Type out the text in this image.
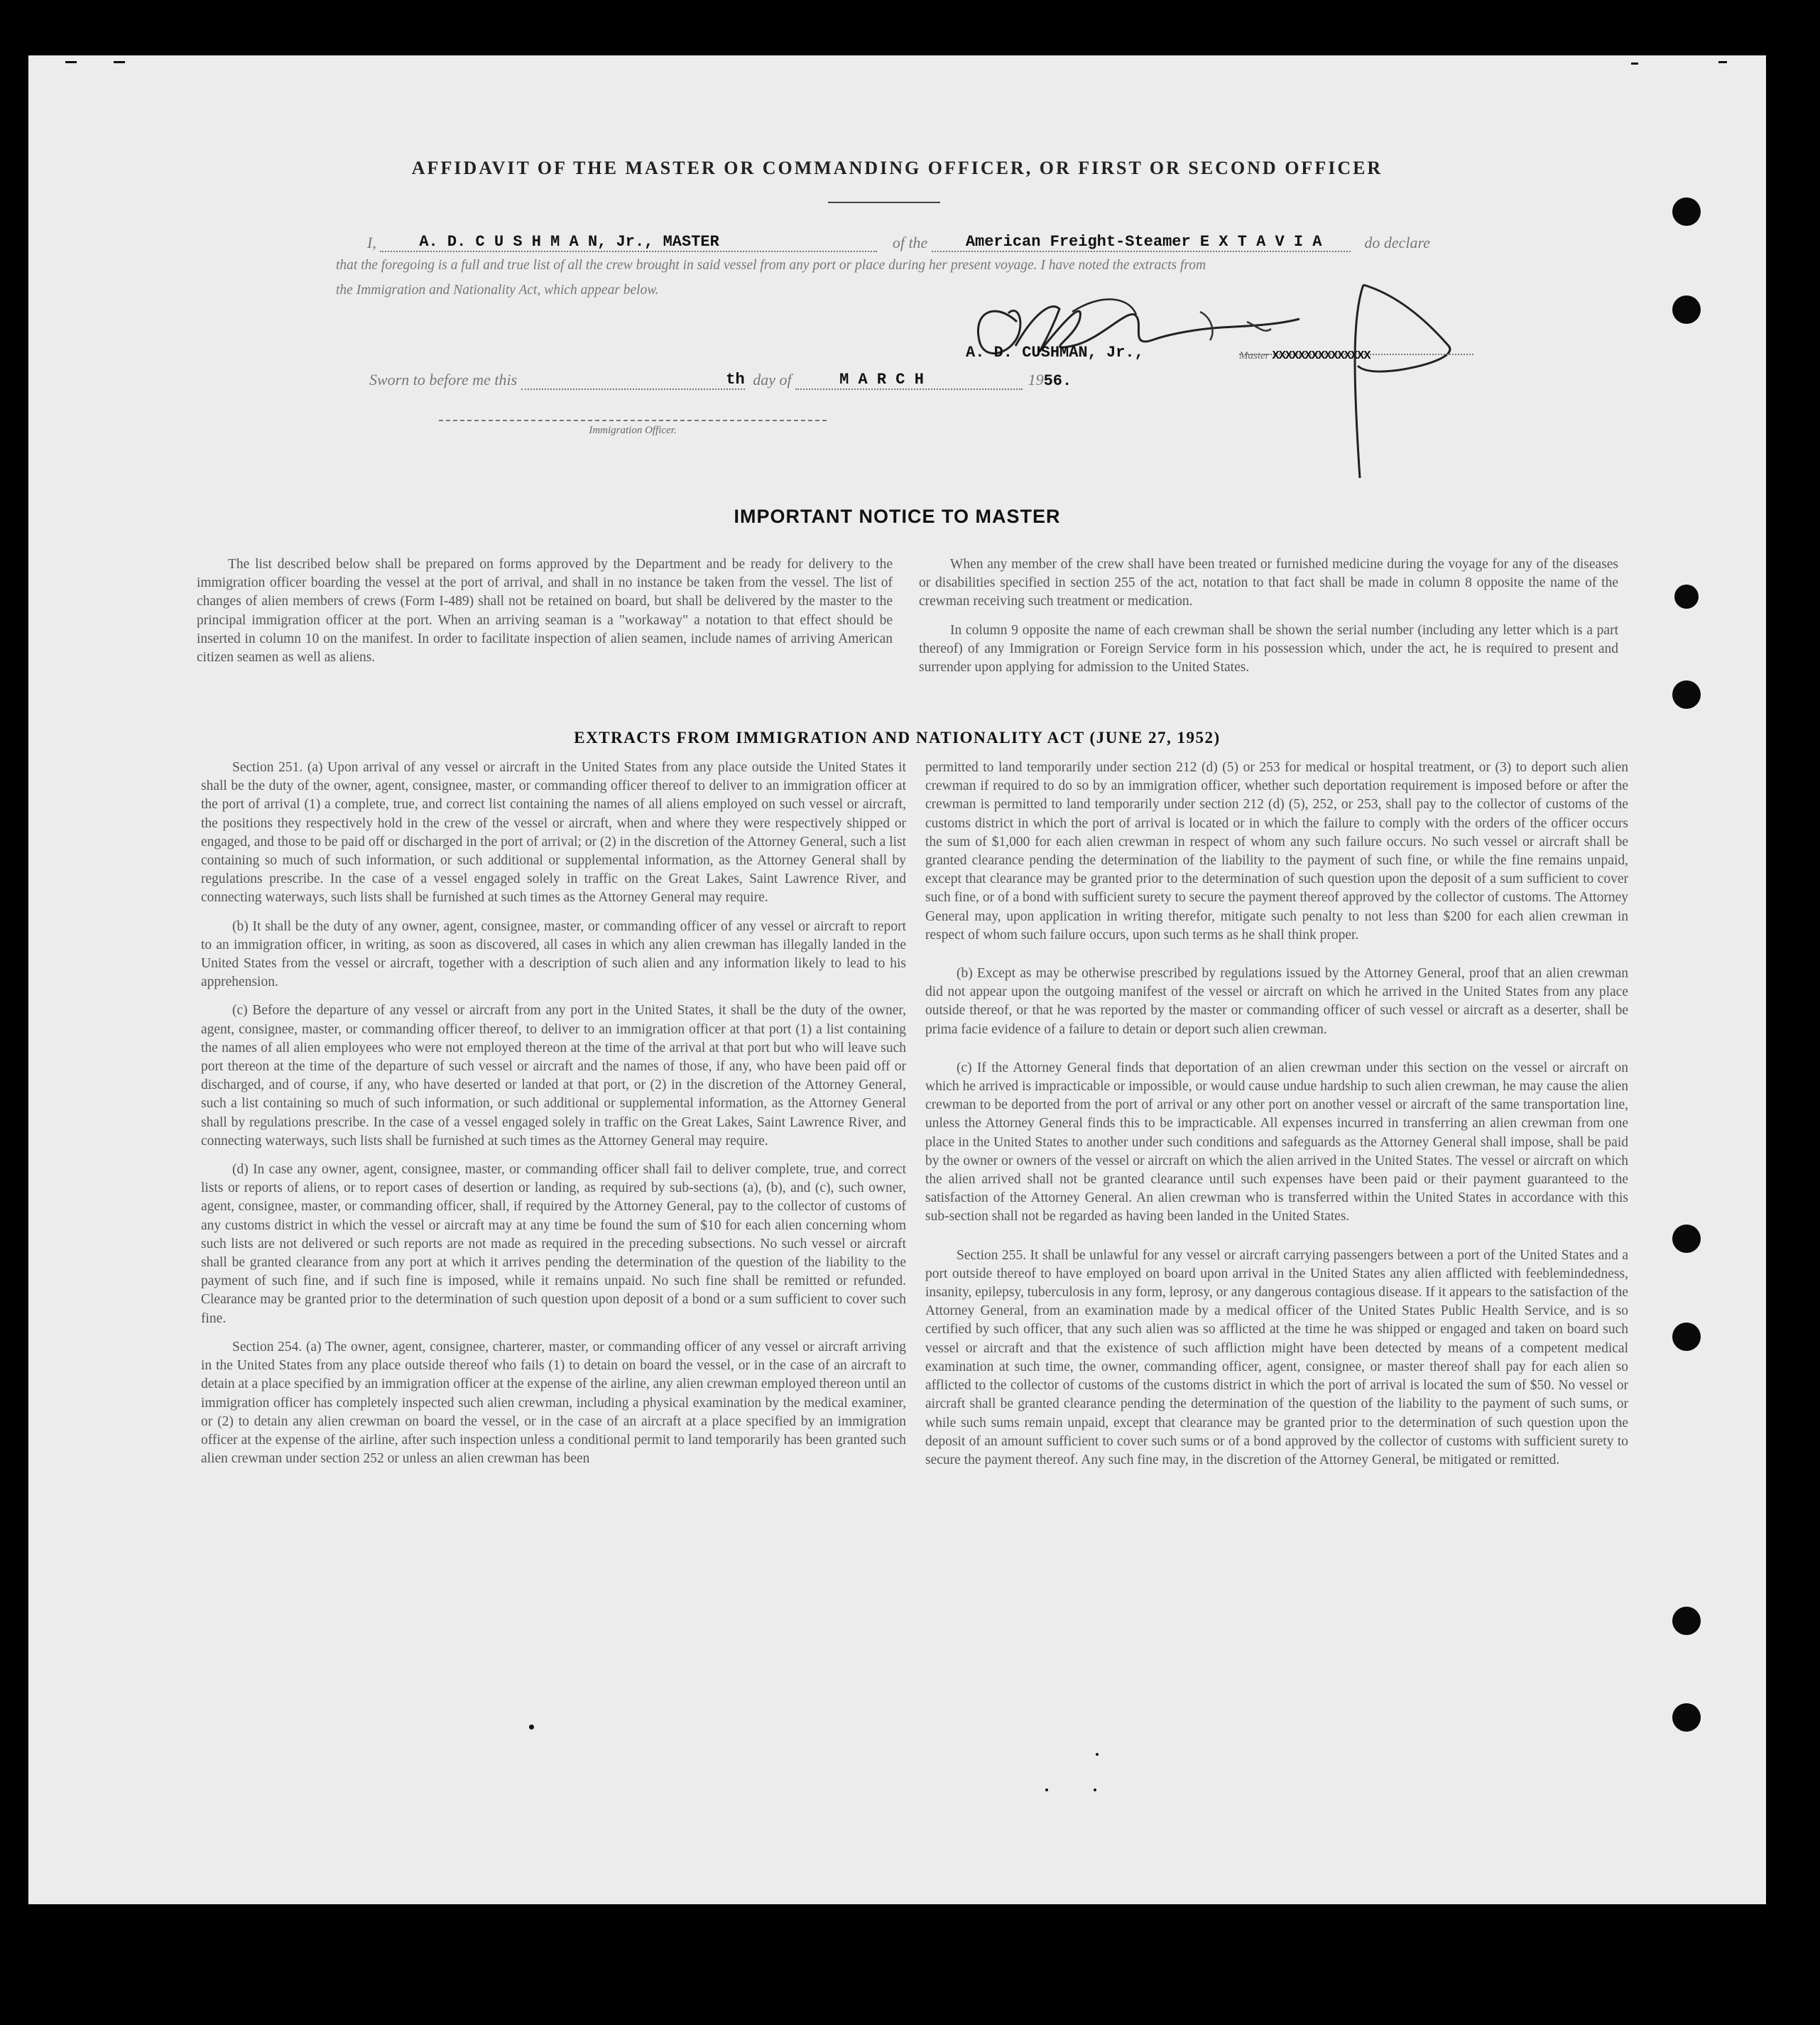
AFFIDAVIT OF THE MASTER OR COMMANDING OFFICER, OR FIRST OR SECOND OFFICER
I,	A. D. C U S H M A N, Jr., MASTER	of the American Freight-Steamer E X T A V I A	do declare
that the foregoing is a full and true list of all the crew brought in said vessel from any port or place during her present voyage. I have noted the extracts from
the Immigration and Nationality Act, which appear below.
A. D. CUSHMAN, Jr.,	Master XXXXXXXXXXXXXXX
Sworn to before me this	th day of	M A R C H	1956.
Immigration Officer.
IMPORTANT NOTICE TO MASTER

The list described below shall be prepared on forms approved by the Department and be ready for delivery to the immigration officer boarding the vessel at the port of arrival, and shall in no instance be taken from the vessel. The list of changes of alien members of crews (Form I-489) shall not be retained on board, but shall be delivered by the master to the principal immigration officer at the port. When an arriving seaman is a "workaway" a notation to that effect should be inserted in column 10 on the manifest. In order to facilitate inspection of alien seamen, include names of arriving American citizen seamen as well as aliens.

When any member of the crew shall have been treated or furnished medicine during the voyage for any of the diseases or disabilities specified in section 255 of the act, notation to that fact shall be made in column 8 opposite the name of the crewman receiving such treatment or medication.

In column 9 opposite the name of each crewman shall be shown the serial number (including any letter which is a part thereof) of any Immigration or Foreign Service form in his possession which, under the act, he is required to present and surrender upon applying for admission to the United States.

EXTRACTS FROM IMMIGRATION AND NATIONALITY ACT (JUNE 27, 1952)

Section 251. (a) Upon arrival of any vessel or aircraft in the United States from any place outside the United States it shall be the duty of the owner, agent, consignee, master, or commanding officer thereof to deliver to an immigration officer at the port of arrival (1) a complete, true, and correct list containing the names of all aliens employed on such vessel or aircraft, the positions they respectively hold in the crew of the vessel or aircraft, when and where they were respectively shipped or engaged, and those to be paid off or discharged in the port of arrival; or (2) in the discretion of the Attorney General, such a list containing so much of such information, or such additional or supplemental information, as the Attorney General shall by regulations prescribe. In the case of a vessel engaged solely in traffic on the Great Lakes, Saint Lawrence River, and connecting waterways, such lists shall be furnished at such times as the Attorney General may require.

(b) It shall be the duty of any owner, agent, consignee, master, or commanding officer of any vessel or aircraft to report to an immigration officer, in writing, as soon as discovered, all cases in which any alien crewman has illegally landed in the United States from the vessel or aircraft, together with a description of such alien and any information likely to lead to his apprehension.

(c) Before the departure of any vessel or aircraft from any port in the United States, it shall be the duty of the owner, agent, consignee, master, or commanding officer thereof, to deliver to an immigration officer at that port (1) a list containing the names of all alien employees who were not employed thereon at the time of the arrival at that port but who will leave such port thereon at the time of the departure of such vessel or aircraft and the names of those, if any, who have been paid off or discharged, and of course, if any, who have deserted or landed at that port, or (2) in the discretion of the Attorney General, such a list containing so much of such information, or such additional or supplemental information, as the Attorney General shall by regulations prescribe. In the case of a vessel engaged solely in traffic on the Great Lakes, Saint Lawrence River, and connecting waterways, such lists shall be furnished at such times as the Attorney General may require.

(d) In case any owner, agent, consignee, master, or commanding officer shall fail to deliver complete, true, and correct lists or reports of aliens, or to report cases of desertion or landing, as required by sub-sections (a), (b), and (c), such owner, agent, consignee, master, or commanding officer, shall, if required by the Attorney General, pay to the collector of customs of any customs district in which the vessel or aircraft may at any time be found the sum of $10 for each alien concerning whom such lists are not delivered or such reports are not made as required in the preceding subsections. No such vessel or aircraft shall be granted clearance from any port at which it arrives pending the determination of the question of the liability to the payment of such fine, and if such fine is imposed, while it remains unpaid. No such fine shall be remitted or refunded. Clearance may be granted prior to the determination of such question upon deposit of a bond or a sum sufficient to cover such fine.

Section 254. (a) The owner, agent, consignee, charterer, master, or commanding officer of any vessel or aircraft arriving in the United States from any place outside thereof who fails (1) to detain on board the vessel, or in the case of an aircraft to detain at a place specified by an immigration officer at the expense of the airline, any alien crewman employed thereon until an immigration officer has completely inspected such alien crewman, including a physical examination by the medical examiner, or (2) to detain any alien crewman on board the vessel, or in the case of an aircraft at a place specified by an immigration officer at the expense of the airline, after such inspection unless a conditional permit to land temporarily has been granted such alien crewman under section 252 or unless an alien crewman has been

permitted to land temporarily under section 212 (d) (5) or 253 for medical or hospital treatment, or (3) to deport such alien crewman if required to do so by an immigration officer, whether such deportation requirement is imposed before or after the crewman is permitted to land temporarily under section 212 (d) (5), 252, or 253, shall pay to the collector of customs of the customs district in which the port of arrival is located or in which the failure to comply with the orders of the officer occurs the sum of $1,000 for each alien crewman in respect of whom any such failure occurs. No such vessel or aircraft shall be granted clearance pending the determination of the liability to the payment of such fine, or while the fine remains unpaid, except that clearance may be granted prior to the determination of such question upon the deposit of a sum sufficient to cover such fine, or of a bond with sufficient surety to secure the payment thereof approved by the collector of customs. The Attorney General may, upon application in writing therefor, mitigate such penalty to not less than $200 for each alien crewman in respect of whom such failure occurs, upon such terms as he shall think proper.

(b) Except as may be otherwise prescribed by regulations issued by the Attorney General, proof that an alien crewman did not appear upon the outgoing manifest of the vessel or aircraft on which he arrived in the United States from any place outside thereof, or that he was reported by the master or commanding officer of such vessel or aircraft as a deserter, shall be prima facie evidence of a failure to detain or deport such alien crewman.

(c) If the Attorney General finds that deportation of an alien crewman under this section on the vessel or aircraft on which he arrived is impracticable or impossible, or would cause undue hardship to such alien crewman, he may cause the alien crewman to be deported from the port of arrival or any other port on another vessel or aircraft of the same transportation line, unless the Attorney General finds this to be impracticable. All expenses incurred in transferring an alien crewman from one place in the United States to another under such conditions and safeguards as the Attorney General shall impose, shall be paid by the owner or owners of the vessel or aircraft on which the alien arrived in the United States. The vessel or aircraft on which the alien arrived shall not be granted clearance until such expenses have been paid or their payment guaranteed to the satisfaction of the Attorney General. An alien crewman who is transferred within the United States in accordance with this sub-section shall not be regarded as having been landed in the United States.

Section 255. It shall be unlawful for any vessel or aircraft carrying passengers between a port of the United States and a port outside thereof to have employed on board upon arrival in the United States any alien afflicted with feeblemindedness, insanity, epilepsy, tuberculosis in any form, leprosy, or any dangerous contagious disease. If it appears to the satisfaction of the Attorney General, from an examination made by a medical officer of the United States Public Health Service, and is so certified by such officer, that any such alien was so afflicted at the time he was shipped or engaged and taken on board such vessel or aircraft and that the existence of such affliction might have been detected by means of a competent medical examination at such time, the owner, commanding officer, agent, consignee, or master thereof shall pay for each alien so afflicted to the collector of customs of the customs district in which the port of arrival is located the sum of $50. No vessel or aircraft shall be granted clearance pending the determination of the question of the liability to the payment of such sums, or while such sums remain unpaid, except that clearance may be granted prior to the determination of such question upon the deposit of an amount sufficient to cover such sums or of a bond approved by the collector of customs with sufficient surety to secure the payment thereof. Any such fine may, in the discretion of the Attorney General, be mitigated or remitted.
